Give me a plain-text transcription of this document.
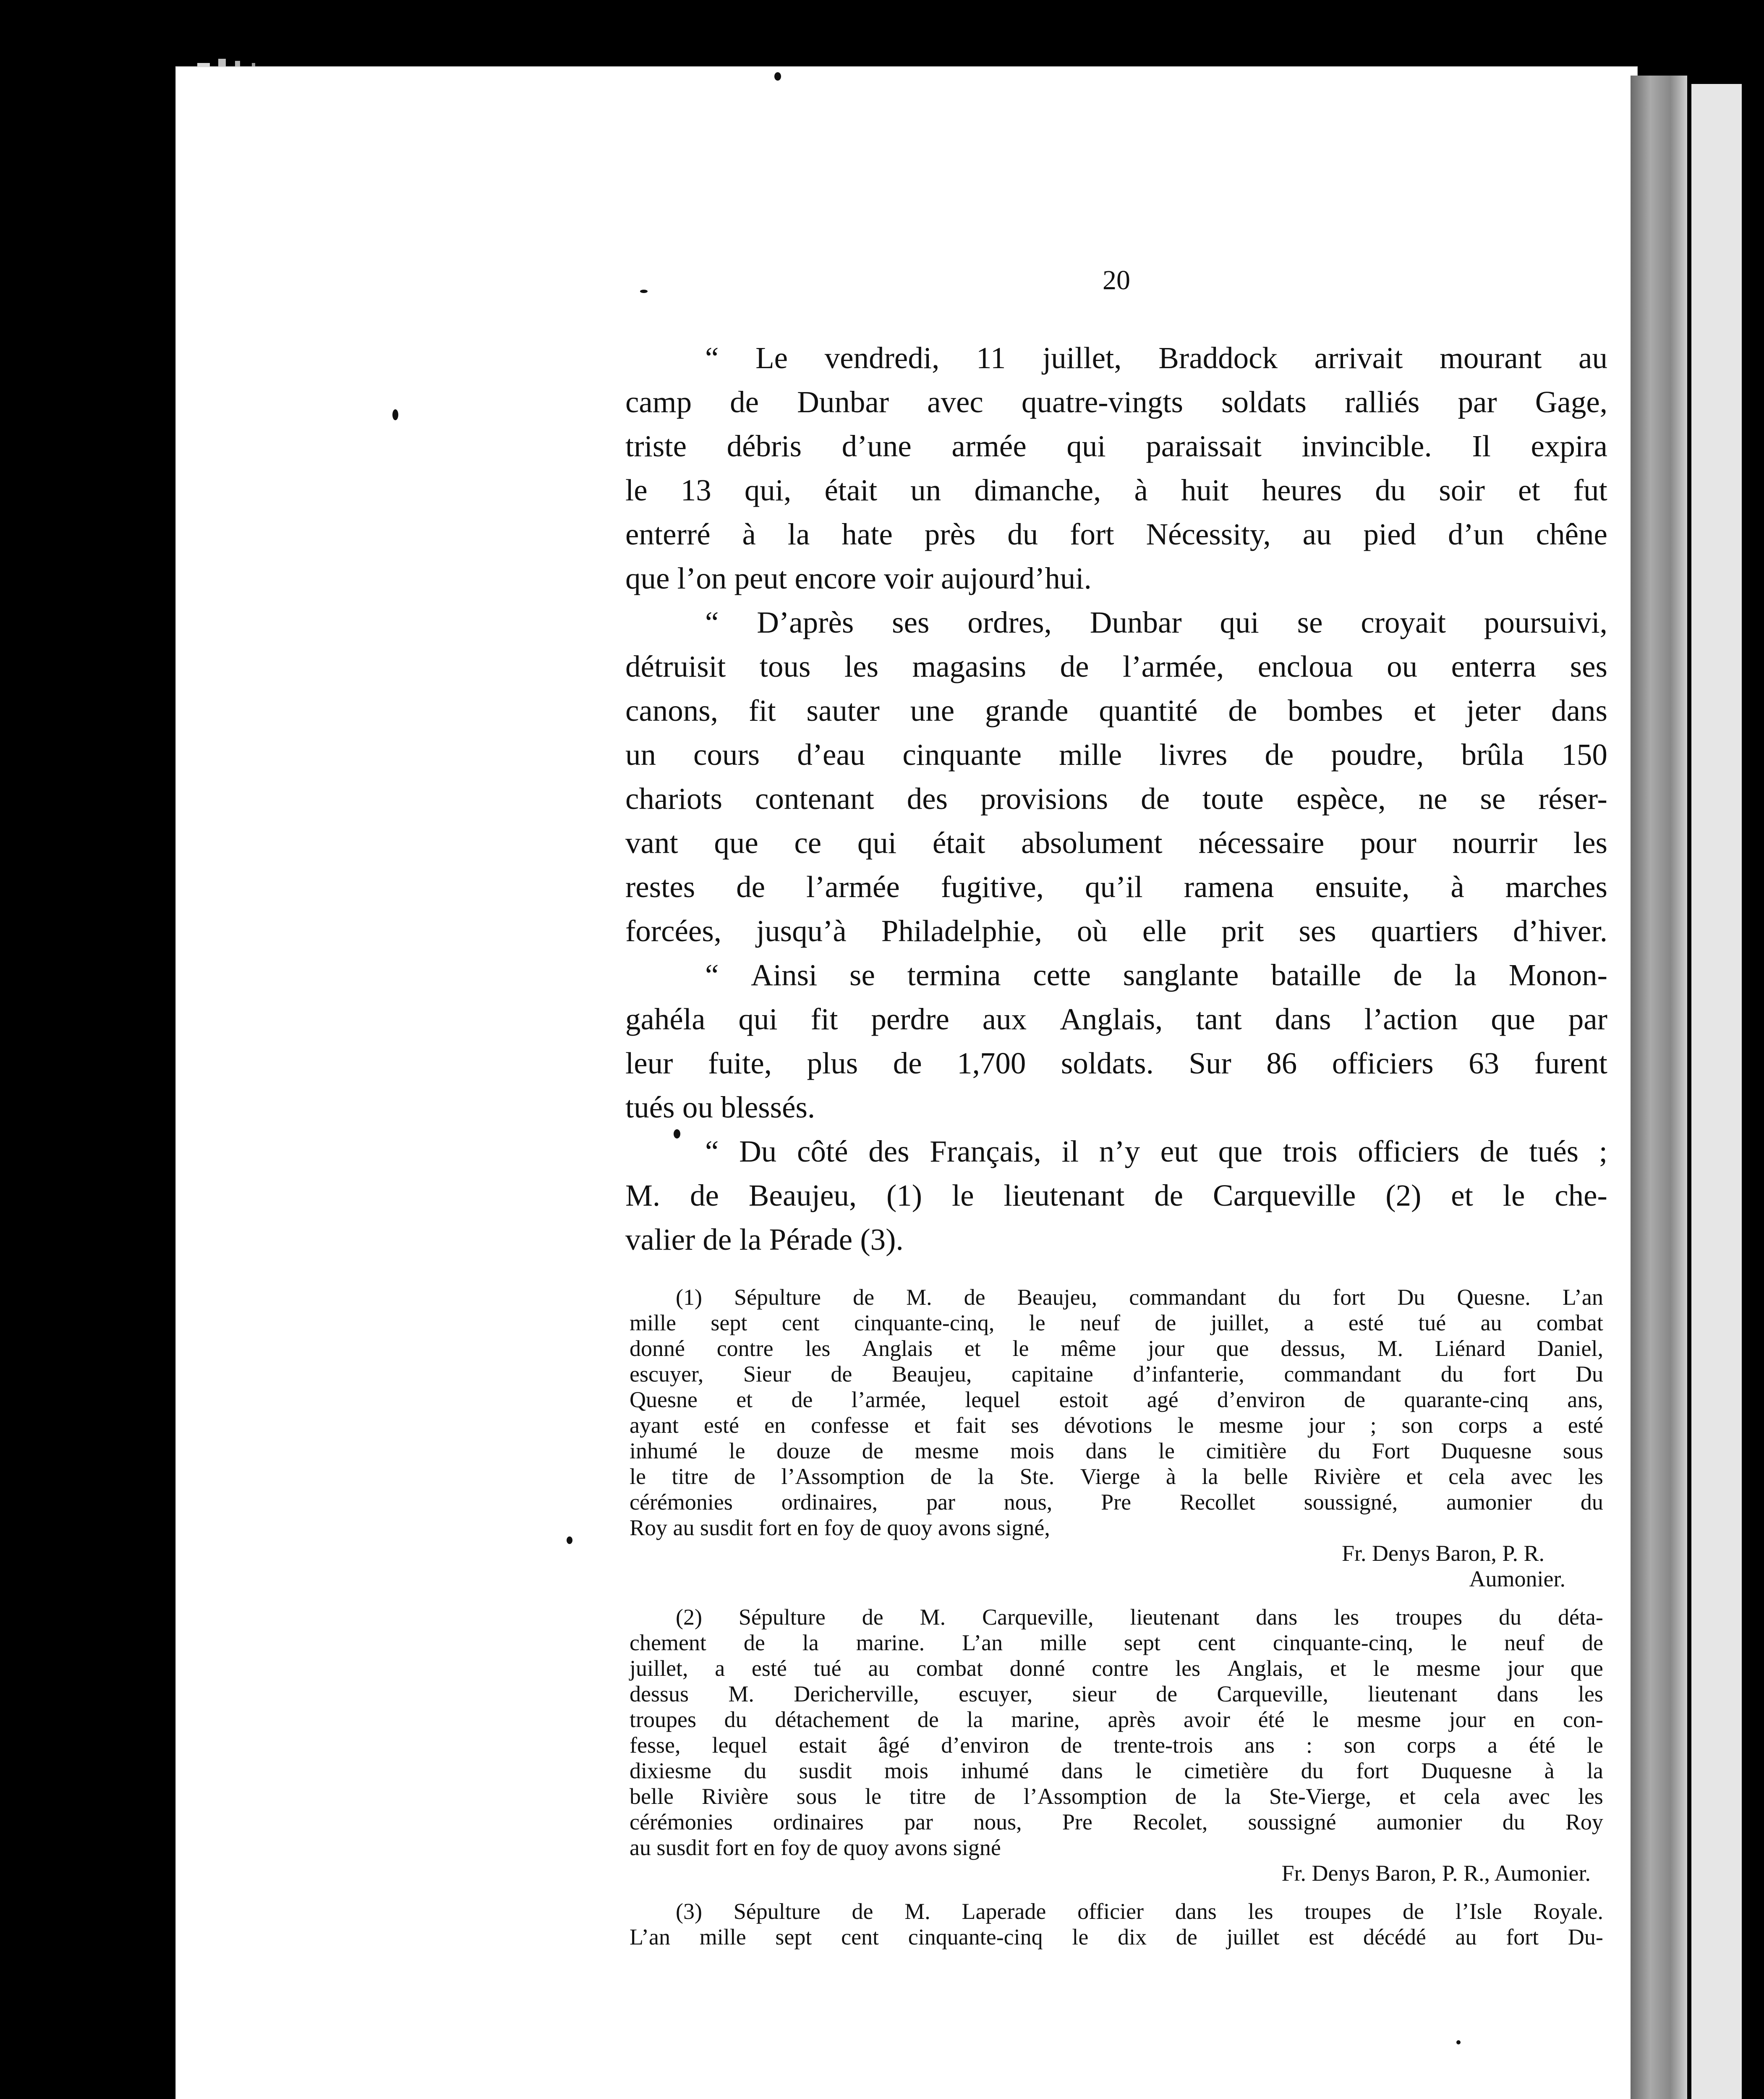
20
“ Le vendredi, 11 juillet, Braddock arrivait mourant au
camp de Dunbar avec quatre-vingts soldats ralliés par Gage,
triste débris d’une armée qui paraissait invincible. Il expira
le 13 qui, était un dimanche, à huit heures du soir et fut
enterré à la hate près du fort Nécessity, au pied d’un chêne
que l’on peut encore voir aujourd’hui.
“ D’après ses ordres, Dunbar qui se croyait poursuivi,
détruisit tous les magasins de l’armée, encloua ou enterra ses
canons, fit sauter une grande quantité de bombes et jeter dans
un cours d’eau cinquante mille livres de poudre, brûla 150
chariots contenant des provisions de toute espèce, ne se réser-
vant que ce qui était absolument nécessaire pour nourrir les
restes de l’armée fugitive, qu’il ramena ensuite, à marches
forcées, jusqu’à Philadelphie, où elle prit ses quartiers d’hiver.
“ Ainsi se termina cette sanglante bataille de la Monon-
gahéla qui fit perdre aux Anglais, tant dans l’action que par
leur fuite, plus de 1,700 soldats. Sur 86 officiers 63 furent
tués ou blessés.
“ Du côté des Français, il n’y eut que trois officiers de tués ;
M. de Beaujeu, (1) le lieutenant de Carqueville (2) et le che-
valier de la Pérade (3).
(1) Sépulture de M. de Beaujeu, commandant du fort Du Quesne. L’an
mille sept cent cinquante-cinq, le neuf de juillet, a esté tué au combat
donné contre les Anglais et le même jour que dessus, M. Liénard Daniel,
escuyer, Sieur de Beaujeu, capitaine d’infanterie, commandant du fort Du
Quesne et de l’armée, lequel estoit agé d’environ de quarante-cinq ans,
ayant esté en confesse et fait ses dévotions le mesme jour ; son corps a esté
inhumé le douze de mesme mois dans le cimitière du Fort Duquesne sous
le titre de l’Assomption de la Ste. Vierge à la belle Rivière et cela avec les
cérémonies ordinaires, par nous, Pre Recollet soussigné, aumonier du
Roy au susdit fort en foy de quoy avons signé,
Fr. Denys Baron, P. R.
Aumonier.
(2) Sépulture de M. Carqueville, lieutenant dans les troupes du déta-
chement de la marine. L’an mille sept cent cinquante-cinq, le neuf de
juillet, a esté tué au combat donné contre les Anglais, et le mesme jour que
dessus M. Dericherville, escuyer, sieur de Carqueville, lieutenant dans les
troupes du détachement de la marine, après avoir été le mesme jour en con-
fesse, lequel estait âgé d’environ de trente-trois ans : son corps a été le
dixiesme du susdit mois inhumé dans le cimetière du fort Duquesne à la
belle Rivière sous le titre de l’Assomption de la Ste-Vierge, et cela avec les
cérémonies ordinaires par nous, Pre Recolet, soussigné aumonier du Roy
au susdit fort en foy de quoy avons signé
Fr. Denys Baron, P. R., Aumonier.
(3) Sépulture de M. Laperade officier dans les troupes de l’Isle Royale.
L’an mille sept cent cinquante-cinq le dix de juillet est décédé au fort Du-
